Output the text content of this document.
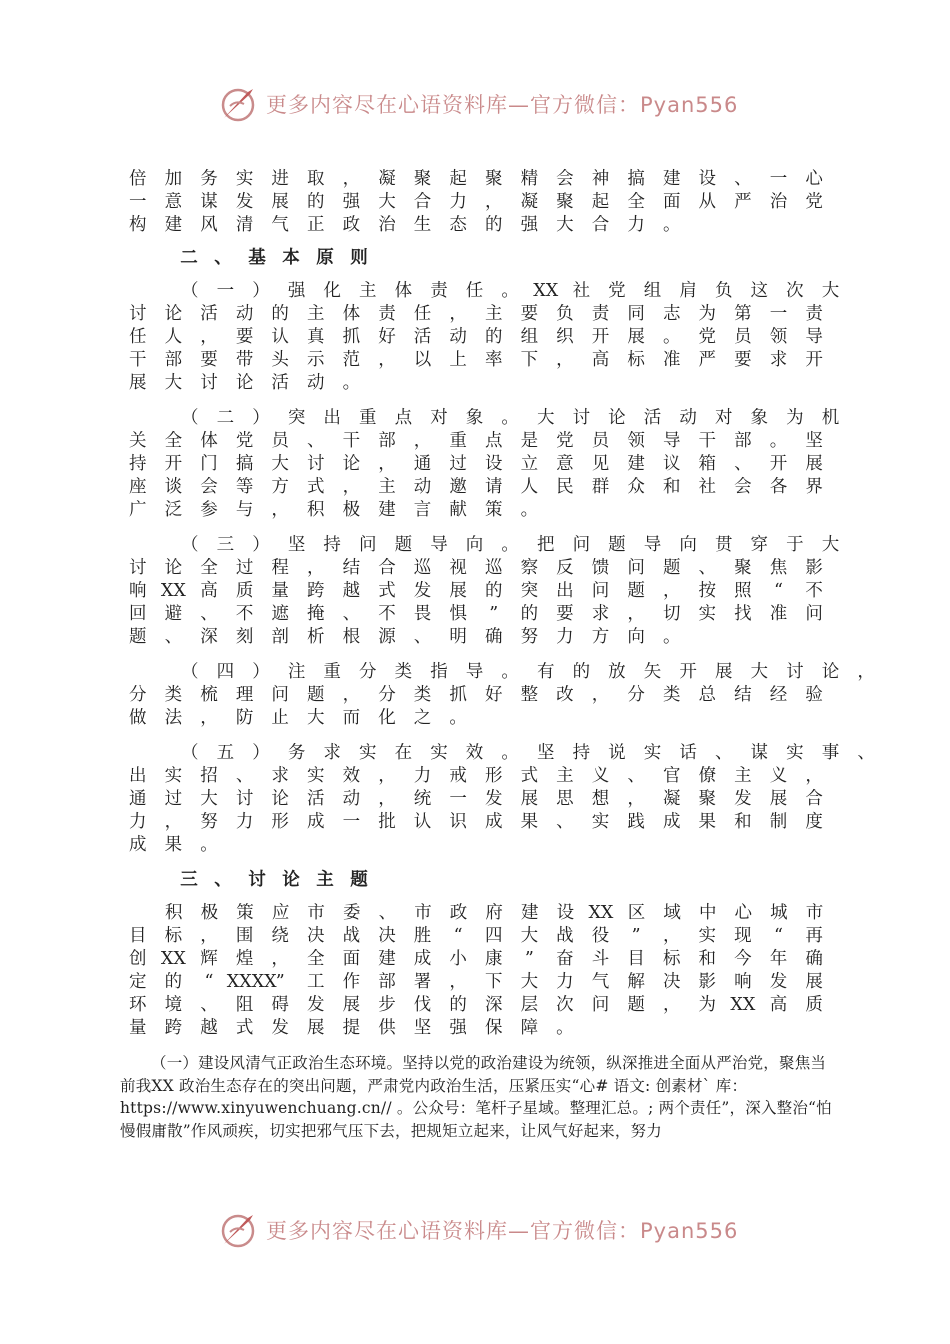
更多内容尽在心语资料库—官方微信：Pyan556
倍 加 务 实 进 取 ， 凝 聚 起 聚 精 会 神 搞 建 设 、 一 心
一 意 谋 发 展 的 强 大 合 力 ， 凝 聚 起 全 面 从 严 治 党
构 建 风 清 气 正 政 治 生 态 的 强 大 合 力 。
二 、 基 本 原 则
（ 一 ） 强 化 主 体 责 任 。 XX 社 党 组 肩 负 这 次 大
讨 论 活 动 的 主 体 责 任 ， 主 要 负 责 同 志 为 第 一 责
任 人 ， 要 认 真 抓 好 活 动 的 组 织 开 展 。 党 员 领 导
干 部 要 带 头 示 范 ， 以 上 率 下 ， 高 标 准 严 要 求 开
展 大 讨 论 活 动 。
（ 二 ） 突 出 重 点 对 象 。 大 讨 论 活 动 对 象 为 机
关 全 体 党 员 、 干 部 ， 重 点 是 党 员 领 导 干 部 。 坚
持 开 门 搞 大 讨 论 ， 通 过 设 立 意 见 建 议 箱 、 开 展
座 谈 会 等 方 式 ， 主 动 邀 请 人 民 群 众 和 社 会 各 界
广 泛 参 与 ， 积 极 建 言 献 策 。
（ 三 ） 坚 持 问 题 导 向 。 把 问 题 导 向 贯 穿 于 大
讨 论 全 过 程 ， 结 合 巡 视 巡 察 反 馈 问 题 、 聚 焦 影
响 XX 高 质 量 跨 越 式 发 展 的 突 出 问 题 ， 按 照 “ 不
回 避 、 不 遮 掩 、 不 畏 惧 ” 的 要 求 ， 切 实 找 准 问
题 、 深 刻 剖 析 根 源 、 明 确 努 力 方 向 。
（ 四 ） 注 重 分 类 指 导 。 有 的 放 矢 开 展 大 讨 论 ，
分 类 梳 理 问 题 ， 分 类 抓 好 整 改 ， 分 类 总 结 经 验
做 法 ， 防 止 大 而 化 之 。
（ 五 ） 务 求 实 在 实 效 。 坚 持 说 实 话 、 谋 实 事 、
出 实 招 、 求 实 效 ， 力 戒 形 式 主 义 、 官 僚 主 义 ，
通 过 大 讨 论 活 动 ， 统 一 发 展 思 想 ， 凝 聚 发 展 合
力 ， 努 力 形 成 一 批 认 识 成 果 、 实 践 成 果 和 制 度
成 果 。
三 、 讨 论 主 题
积 极 策 应 市 委 、 市 政 府 建 设 XX 区 域 中 心 城 市
目 标 ， 围 绕 决 战 决 胜 “ 四 大 战 役 ” ， 实 现 “ 再
创 XX 辉 煌 ， 全 面 建 成 小 康 ” 奋 斗 目 标 和 今 年 确
定 的 “ XXXX” 工 作 部 署 ， 下 大 力 气 解 决 影 响 发 展
环 境 、 阻 碍 发 展 步 伐 的 深 层 次 问 题 ， 为 XX 高 质
量 跨 越 式 发 展 提 供 坚 强 保 障 。
（一）建设风清气正政治生态环境。坚持以党的政治建设为统领，纵深推进全面从严治党，聚焦当前我XX 政治生态存在的突出问题，严肃党内政治生活，压紧压实“心# 语文: 创素材` 库：https://www.xinyuwenchuang.cn// 。公众号：笔杆子星域。整理汇总。; 两个责任”，深入整治“怕慢假庸散”作风顽疾，切实把邪气压下去，把规矩立起来，让风气好起来，努力
更多内容尽在心语资料库—官方微信：Pyan556
